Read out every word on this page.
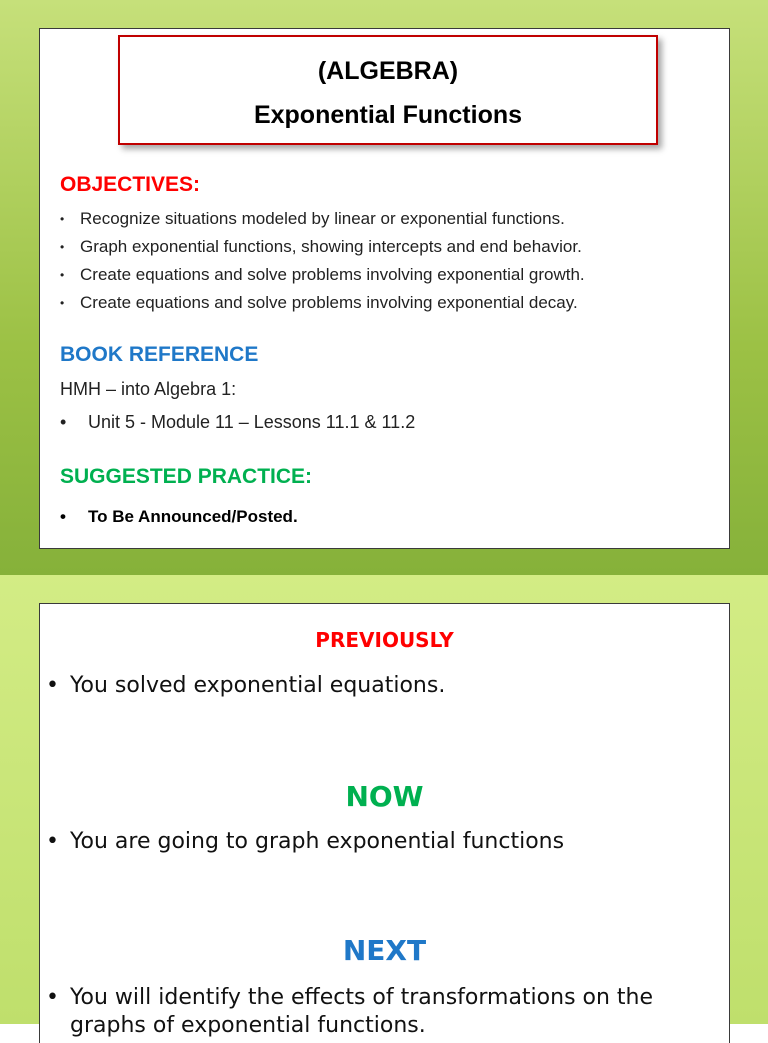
(ALGEBRA)
Exponential Functions
OBJECTIVES:
• Recognize situations modeled by linear or exponential functions.
• Graph exponential functions, showing intercepts and end behavior.
• Create equations and solve problems involving exponential growth.
• Create equations and solve problems involving exponential decay.
BOOK REFERENCE
HMH – into Algebra 1:
• Unit 5 - Module 11 – Lessons 11.1 & 11.2
SUGGESTED PRACTICE:
• To Be Announced/Posted.
PREVIOUSLY
• You solved exponential equations.
NOW
• You are going to graph exponential functions
NEXT
• You will identify the effects of transformations on the graphs of exponential functions.
